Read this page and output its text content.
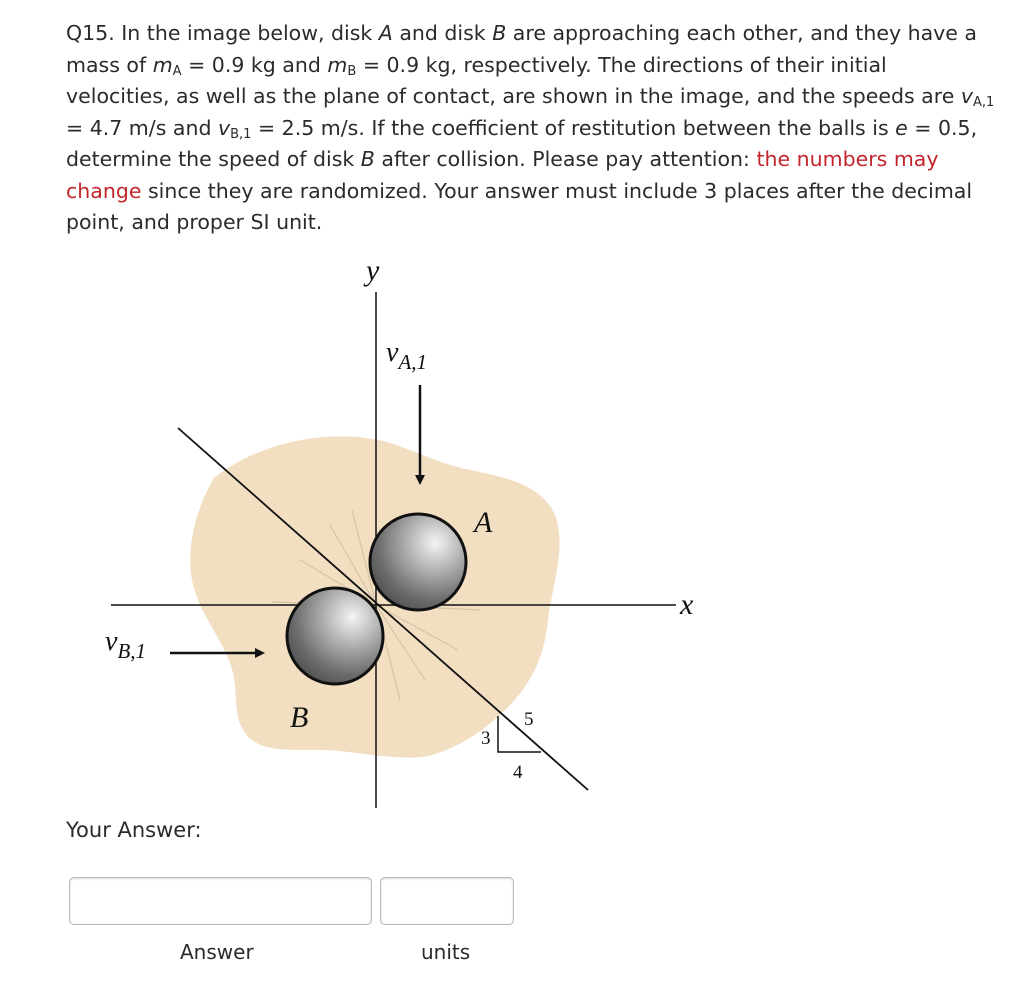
Q15. In the image below, disk A and disk B are approaching each other, and they have a mass of $m_A = 0.9$ kg and $m_B = 0.9$ kg, respectively. The directions of their initial velocities, as well as the plane of contact, are shown in the image, and the speeds are $v_{A,1} = 4.7$ m/s and $v_{B,1} = 2.5$ m/s. If the coefficient of restitution between the balls is e = 0.5, determine the speed of disk B after collision. Please pay attention: the numbers may change since they are randomized. Your answer must include 3 places after the decimal point, and proper SI unit.

y
x
$v_{A,1}$
$v_{B,1}$
A
B
3
4
5

Your Answer:

Answer	units
